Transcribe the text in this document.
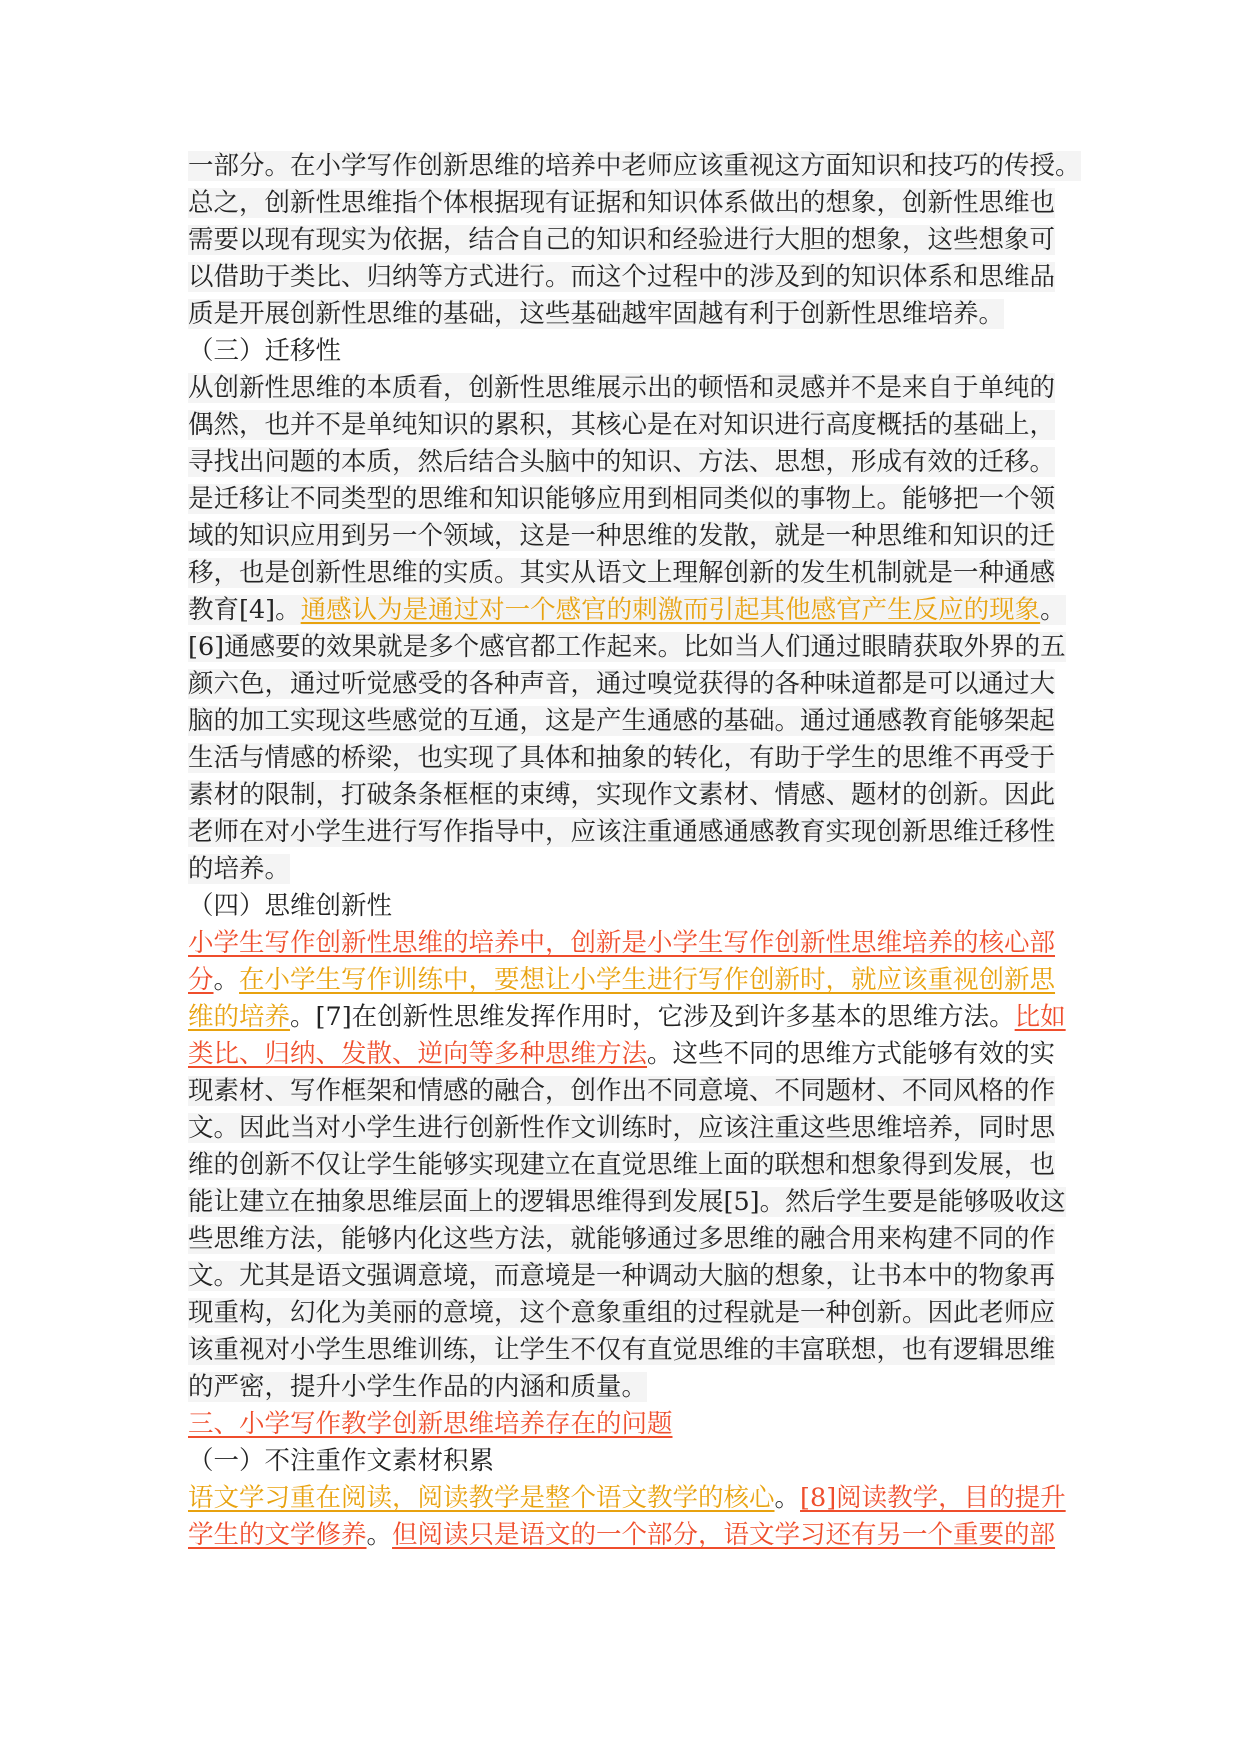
一部分。在小学写作创新思维的培养中老师应该重视这方面知识和技巧的传授。
总之，创新性思维指个体根据现有证据和知识体系做出的想象，创新性思维也
需要以现有现实为依据，结合自己的知识和经验进行大胆的想象，这些想象可
以借助于类比、归纳等方式进行。而这个过程中的涉及到的知识体系和思维品
质是开展创新性思维的基础，这些基础越牢固越有利于创新性思维培养。
（三）迁移性
从创新性思维的本质看，创新性思维展示出的顿悟和灵感并不是来自于单纯的
偶然，也并不是单纯知识的累积，其核心是在对知识进行高度概括的基础上，
寻找出问题的本质，然后结合头脑中的知识、方法、思想，形成有效的迁移。
是迁移让不同类型的思维和知识能够应用到相同类似的事物上。能够把一个领
域的知识应用到另一个领域，这是一种思维的发散，就是一种思维和知识的迁
移，也是创新性思维的实质。其实从语文上理解创新的发生机制就是一种通感
教育[4]。通感认为是通过对一个感官的刺激而引起其他感官产生反应的现象。
[6]通感要的效果就是多个感官都工作起来。比如当人们通过眼睛获取外界的五
颜六色，通过听觉感受的各种声音，通过嗅觉获得的各种味道都是可以通过大
脑的加工实现这些感觉的互通，这是产生通感的基础。通过通感教育能够架起
生活与情感的桥梁，也实现了具体和抽象的转化，有助于学生的思维不再受于
素材的限制，打破条条框框的束缚，实现作文素材、情感、题材的创新。因此
老师在对小学生进行写作指导中，应该注重通感通感教育实现创新思维迁移性
的培养。
（四）思维创新性
小学生写作创新性思维的培养中，创新是小学生写作创新性思维培养的核心部
分。在小学生写作训练中，要想让小学生进行写作创新时，就应该重视创新思
维的培养。[7]在创新性思维发挥作用时，它涉及到许多基本的思维方法。比如
类比、归纳、发散、逆向等多种思维方法。这些不同的思维方式能够有效的实
现素材、写作框架和情感的融合，创作出不同意境、不同题材、不同风格的作
文。因此当对小学生进行创新性作文训练时，应该注重这些思维培养，同时思
维的创新不仅让学生能够实现建立在直觉思维上面的联想和想象得到发展，也
能让建立在抽象思维层面上的逻辑思维得到发展[5]。然后学生要是能够吸收这
些思维方法，能够内化这些方法，就能够通过多思维的融合用来构建不同的作
文。尤其是语文强调意境，而意境是一种调动大脑的想象，让书本中的物象再
现重构，幻化为美丽的意境，这个意象重组的过程就是一种创新。因此老师应
该重视对小学生思维训练，让学生不仅有直觉思维的丰富联想，也有逻辑思维
的严密，提升小学生作品的内涵和质量。
三、小学写作教学创新思维培养存在的问题
（一）不注重作文素材积累
语文学习重在阅读，阅读教学是整个语文教学的核心。[8]阅读教学，目的提升
学生的文学修养。但阅读只是语文的一个部分，语文学习还有另一个重要的部
